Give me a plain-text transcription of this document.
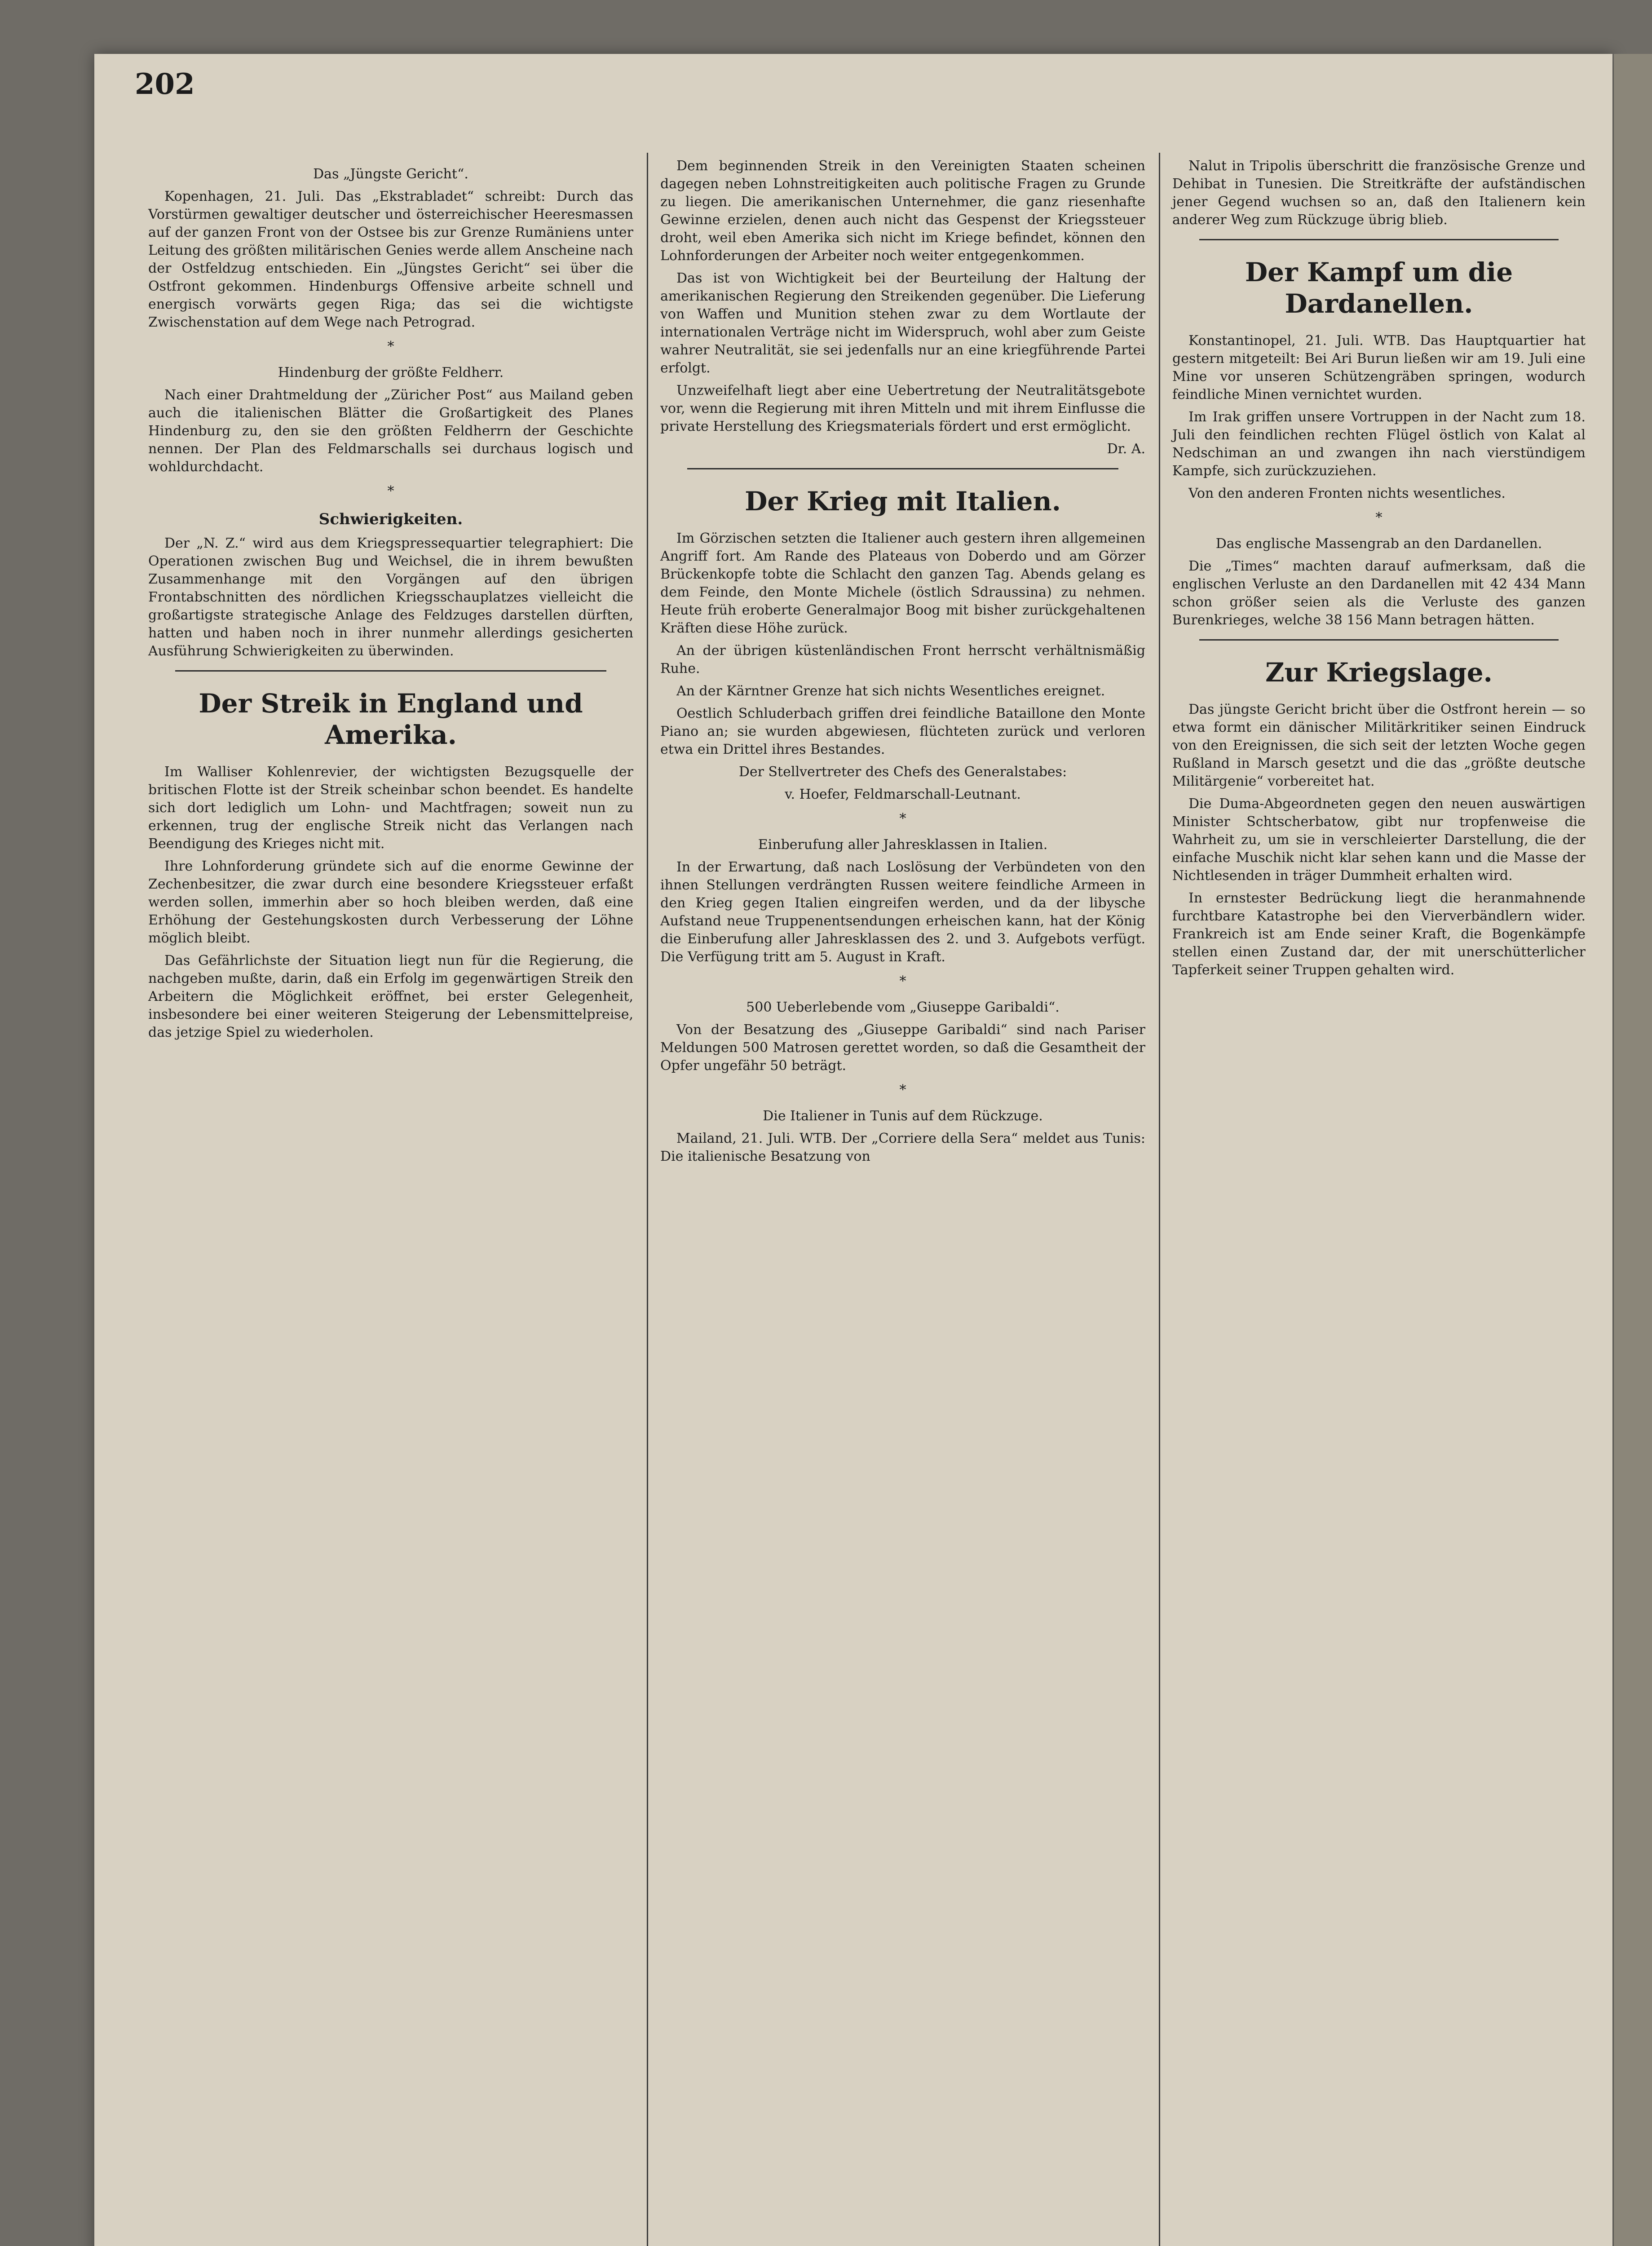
202
Das „Jüngste Gericht“.

Kopenhagen, 21. Juli. Das „Ekstrabladet“ schreibt: Durch das Vorstürmen gewaltiger deutscher und österreichischer Heeresmassen auf der ganzen Front von der Ostsee bis zur Grenze Rumäniens unter Leitung des größten militärischen Genies werde allem Anscheine nach der Ostfeldzug entschieden. Ein „Jüngstes Gericht“ sei über die Ostfront gekommen. Hindenburgs Offensive arbeite schnell und energisch vorwärts gegen Riga; das sei die wichtigste Zwischenstation auf dem Wege nach Petrograd.

*
Hindenburg der größte Feldherr.

Nach einer Drahtmeldung der „Züricher Post“ aus Mailand geben auch die italienischen Blätter die Großartigkeit des Planes Hindenburg zu, den sie den größten Feldherrn der Geschichte nennen. Der Plan des Feldmarschalls sei durchaus logisch und wohldurchdacht.

*
Schwierigkeiten.

Der „N. Z.“ wird aus dem Kriegspressequartier telegraphiert: Die Operationen zwischen Bug und Weichsel, die in ihrem bewußten Zusammenhange mit den Vorgängen auf den übrigen Frontabschnitten des nördlichen Kriegsschauplatzes vielleicht die großartigste strategische Anlage des Feldzuges darstellen dürften, hatten und haben noch in ihrer nunmehr allerdings gesicherten Ausführung Schwierigkeiten zu überwinden.

Der Streik in England und Amerika.

Im Walliser Kohlenrevier, der wichtigsten Bezugsquelle der britischen Flotte ist der Streik scheinbar schon beendet. Es handelte sich dort lediglich um Lohn- und Machtfragen; soweit nun zu erkennen, trug der englische Streik nicht das Verlangen nach Beendigung des Krieges nicht mit.

Ihre Lohnforderung gründete sich auf die enorme Gewinne der Zechenbesitzer, die zwar durch eine besondere Kriegssteuer erfaßt werden sollen, immerhin aber so hoch bleiben werden, daß eine Erhöhung der Gestehungskosten durch Verbesserung der Löhne möglich bleibt.

Das Gefährlichste der Situation liegt nun für die Regierung, die nachgeben mußte, darin, daß ein Erfolg im gegenwärtigen Streik den Arbeitern die Möglichkeit eröffnet, bei erster Gelegenheit, insbesondere bei einer weiteren Steigerung der Lebensmittelpreise, das jetzige Spiel zu wiederholen.

Dem beginnenden Streik in den Vereinigten Staaten scheinen dagegen neben Lohnstreitigkeiten auch politische Fragen zu Grunde zu liegen. Die amerikanischen Unternehmer, die ganz riesenhafte Gewinne erzielen, denen auch nicht das Gespenst der Kriegssteuer droht, weil eben Amerika sich nicht im Kriege befindet, können den Lohnforderungen der Arbeiter noch weiter entgegenkommen.

Das ist von Wichtigkeit bei der Beurteilung der Haltung der amerikanischen Regierung den Streikenden gegenüber. Die Lieferung von Waffen und Munition stehen zwar zu dem Wortlaute der internationalen Verträge nicht im Widerspruch, wohl aber zum Geiste wahrer Neutralität, sie sei jedenfalls nur an eine kriegführende Partei erfolgt.

Unzweifelhaft liegt aber eine Uebertretung der Neutralitätsgebote vor, wenn die Regierung mit ihren Mitteln und mit ihrem Einflusse die private Herstellung des Kriegsmaterials fördert und erst ermöglicht.

Dr. A.
Der Krieg mit Italien.

Im Görzischen setzten die Italiener auch gestern ihren allgemeinen Angriff fort. Am Rande des Plateaus von Doberdo und am Görzer Brückenkopfe tobte die Schlacht den ganzen Tag. Abends gelang es dem Feinde, den Monte Michele (östlich Sdraussina) zu nehmen. Heute früh eroberte Generalmajor Boog mit bisher zurückgehaltenen Kräften diese Höhe zurück.

An der übrigen küstenländischen Front herrscht verhältnismäßig Ruhe.

An der Kärntner Grenze hat sich nichts Wesentliches ereignet.

Oestlich Schluderbach griffen drei feindliche Bataillone den Monte Piano an; sie wurden abgewiesen, flüchteten zurück und verloren etwa ein Drittel ihres Bestandes.

Der Stellvertreter des Chefs des Generalstabes:
v. Hoefer, Feldmarschall-Leutnant.
*
Einberufung aller Jahresklassen in Italien.

In der Erwartung, daß nach Loslösung der Verbündeten von den ihnen Stellungen verdrängten Russen weitere feindliche Armeen in den Krieg gegen Italien eingreifen werden, und da der libysche Aufstand neue Truppenentsendungen erheischen kann, hat der König die Einberufung aller Jahresklassen des 2. und 3. Aufgebots verfügt. Die Verfügung tritt am 5. August in Kraft.

*
500 Ueberlebende vom „Giuseppe Garibaldi“.

Von der Besatzung des „Giuseppe Garibaldi“ sind nach Pariser Meldungen 500 Matrosen gerettet worden, so daß die Gesamtheit der Opfer ungefähr 50 beträgt.

*
Die Italiener in Tunis auf dem Rückzuge.

Mailand, 21. Juli. WTB. Der „Corriere della Sera“ meldet aus Tunis: Die italienische Besatzung von

Nalut in Tripolis überschritt die französische Grenze und Dehibat in Tunesien. Die Streitkräfte der aufständischen jener Gegend wuchsen so an, daß den Italienern kein anderer Weg zum Rückzuge übrig blieb.

Der Kampf um die Dardanellen.

Konstantinopel, 21. Juli. WTB. Das Hauptquartier hat gestern mitgeteilt: Bei Ari Burun ließen wir am 19. Juli eine Mine vor unseren Schützengräben springen, wodurch feindliche Minen vernichtet wurden.

Im Irak griffen unsere Vortruppen in der Nacht zum 18. Juli den feindlichen rechten Flügel östlich von Kalat al Nedschiman an und zwangen ihn nach vierstündigem Kampfe, sich zurückzuziehen.

Von den anderen Fronten nichts wesentliches.

*
Das englische Massengrab an den Dardanellen.

Die „Times“ machten darauf aufmerksam, daß die englischen Verluste an den Dardanellen mit 42 434 Mann schon größer seien als die Verluste des ganzen Burenkrieges, welche 38 156 Mann betragen hätten.

Zur Kriegslage.

Das jüngste Gericht bricht über die Ostfront herein — so etwa formt ein dänischer Militärkritiker seinen Eindruck von den Ereignissen, die sich seit der letzten Woche gegen Rußland in Marsch gesetzt und die das „größte deutsche Militärgenie“ vorbereitet hat.

Die Duma-Abgeordneten gegen den neuen auswärtigen Minister Schtscherbatow, gibt nur tropfenweise die Wahrheit zu, um sie in verschleierter Darstellung, die der einfache Muschik nicht klar sehen kann und die Masse der Nichtlesenden in träger Dummheit erhalten wird.

In ernstester Bedrückung liegt die heranmahnende furchtbare Katastrophe bei den Vierverbändlern wider. Frankreich ist am Ende seiner Kraft, die Bogenkämpfe stellen einen Zustand dar, der mit unerschütterlicher Tapferkeit seiner Truppen gehalten wird.
